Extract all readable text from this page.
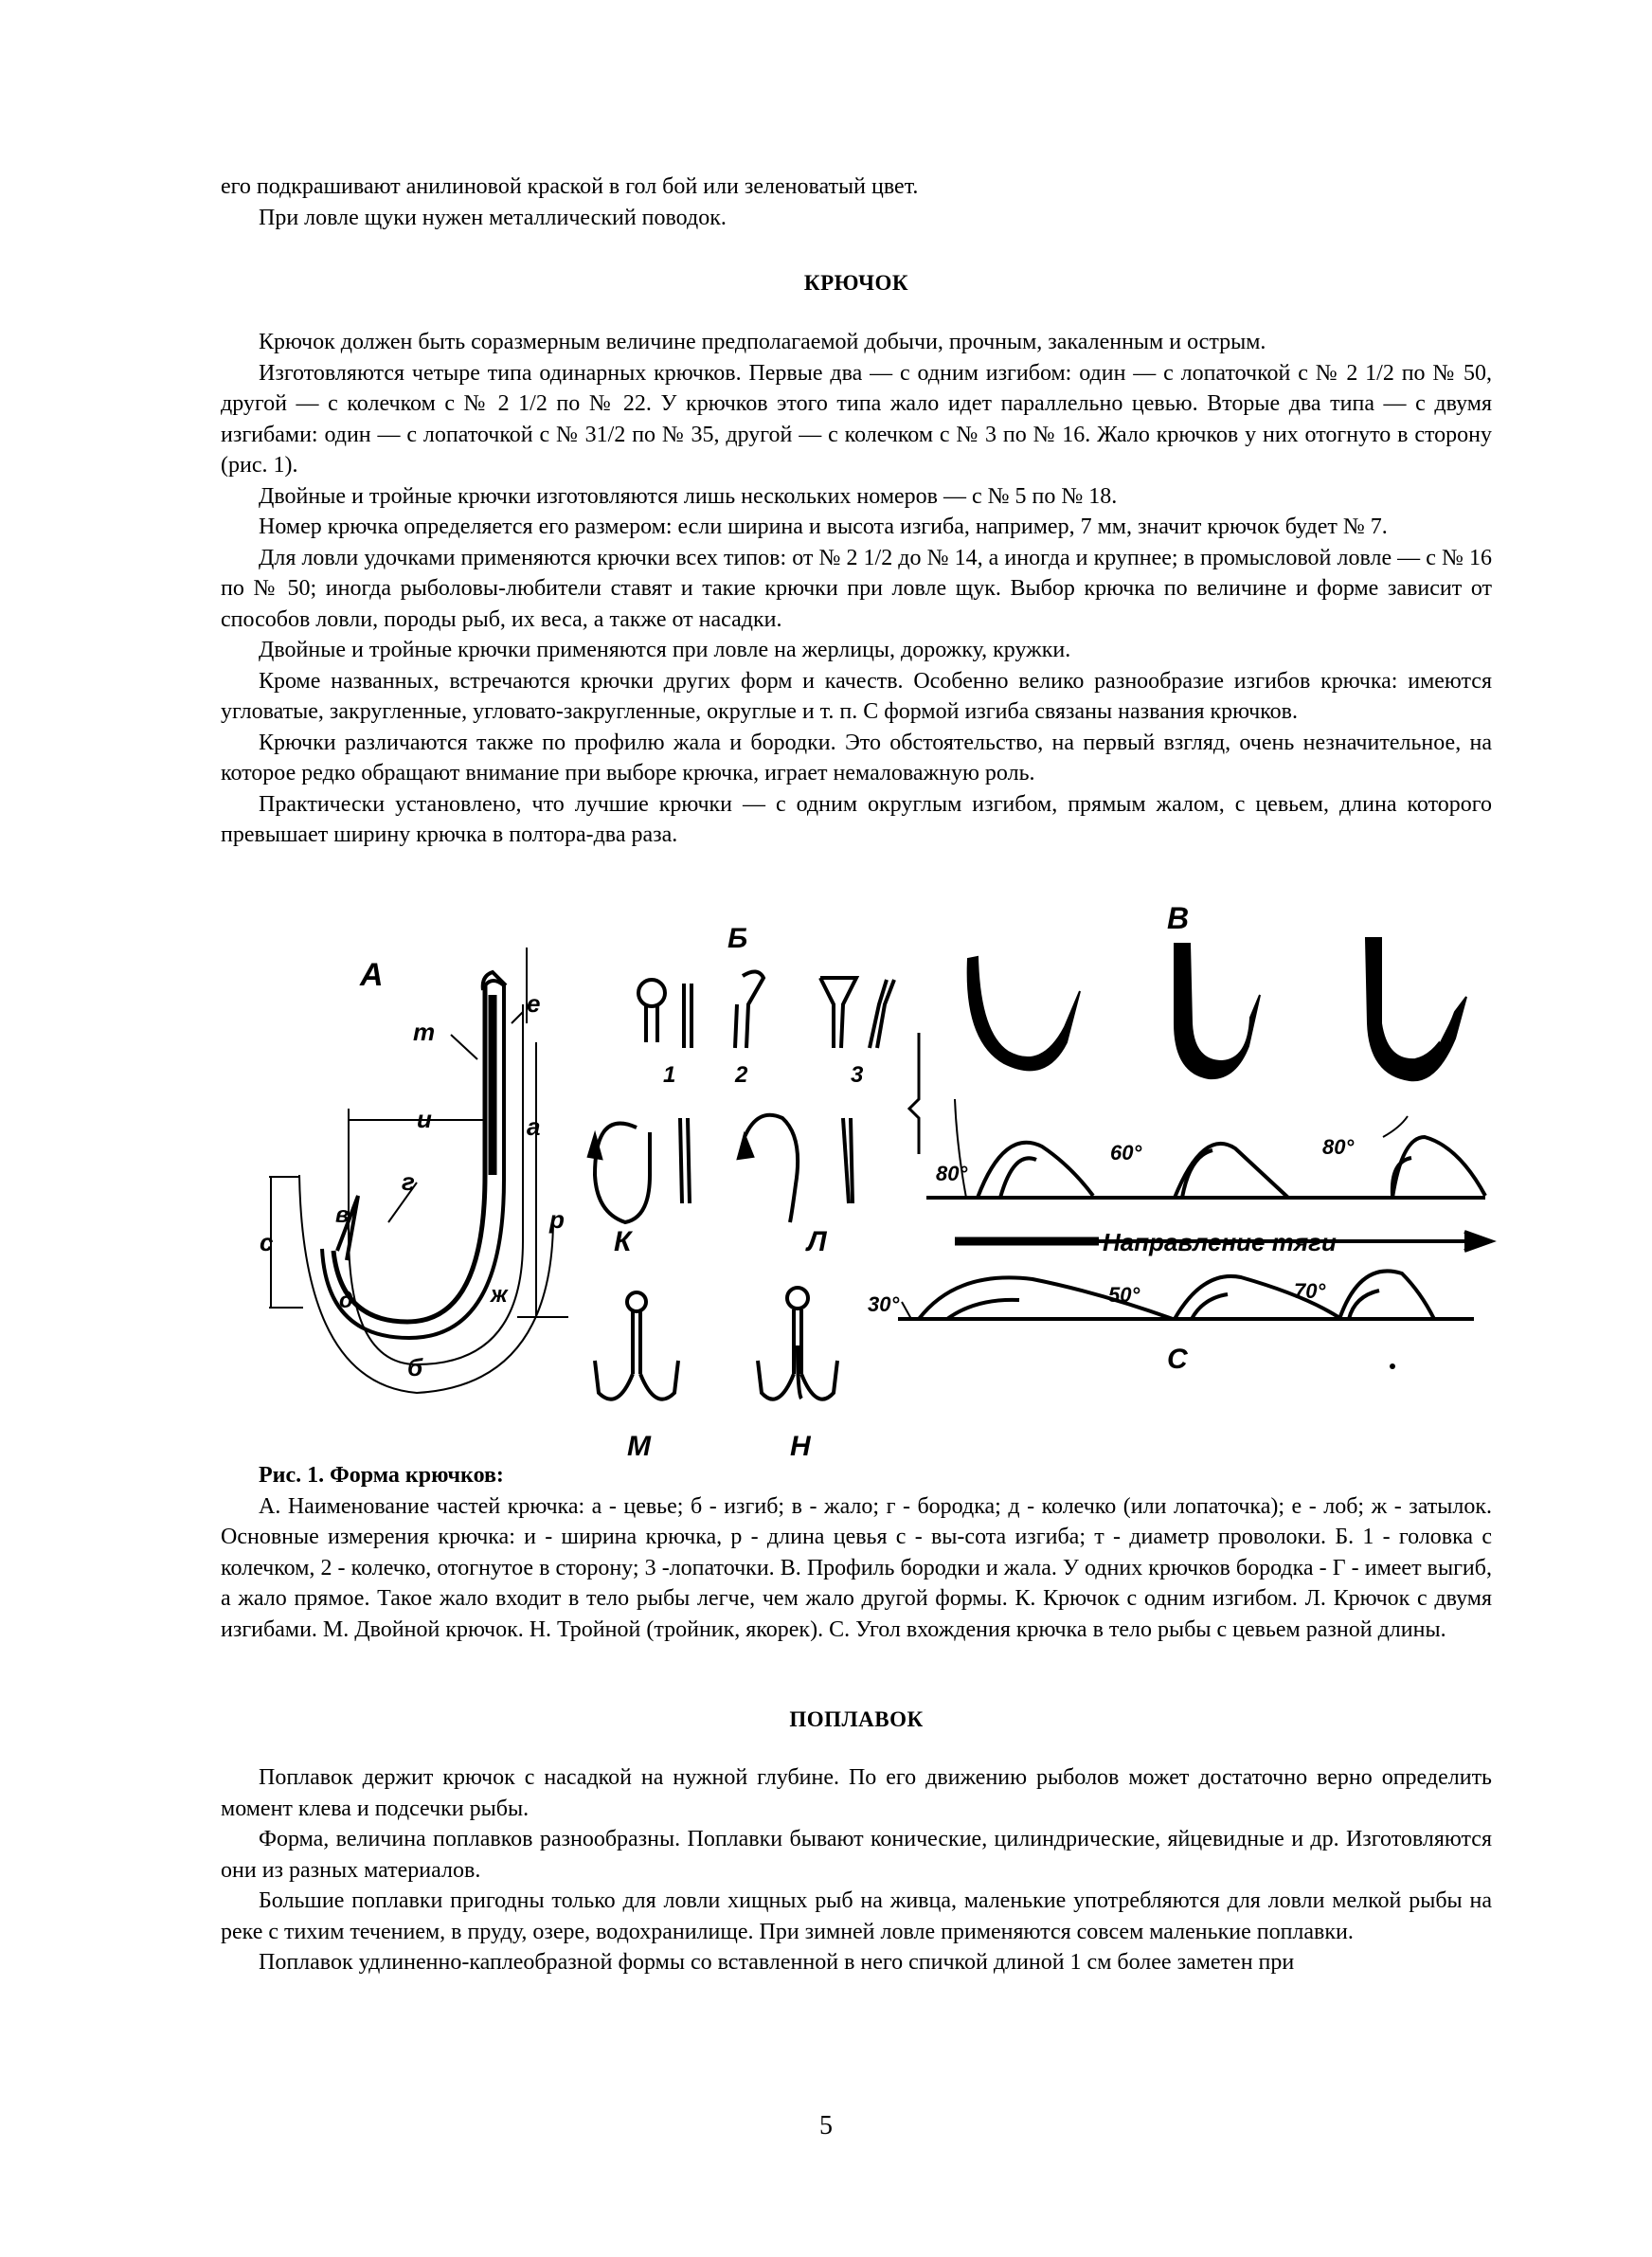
его подкрашивают анилиновой краской в гол бой или зеленоватый цвет.

При ловле щуки нужен металлический поводок.

КРЮЧОК

Крючок должен быть соразмерным величине предполагаемой добычи, прочным, закаленным и острым.

Изготовляются четыре типа одинарных крючков. Первые два — с одним изгибом: один — с лопаточкой с № 2 1/2 по № 50, другой — с колечком с № 2 1/2 по № 22. У крючков этого типа жало идет параллельно цевью. Вторые два типа — с двумя изгибами: один — с лопаточкой с № 31/2 по № 35, другой — с колечком с № 3 по № 16. Жало крючков у них отогнуто в сторону (рис. 1).

Двойные и тройные крючки изготовляются лишь нескольких номеров — с № 5 по № 18.

Номер крючка определяется его размером: если ширина и высота изгиба, например, 7 мм, значит крючок будет № 7.

Для ловли удочками применяются крючки всех типов: от № 2 1/2 до № 14, а иногда и крупнее; в промысловой ловле — с № 16 по № 50; иногда рыболовы-любители ставят и такие крючки при ловле щук. Выбор крючка по величине и форме зависит от способов ловли, породы рыб, их веса, а также от насадки.

Двойные и тройные крючки применяются при ловле на жерлицы, дорожку, кружки.

Кроме названных, встречаются крючки других форм и качеств. Особенно велико разнообразие изгибов крючка: имеются угловатые, закругленные, угловато-закругленные, округлые и т. п. С формой изгиба связаны названия крючков.

Крючки различаются также по профилю жала и бородки. Это обстоятельство, на первый взгляд, очень незначительное, на которое редко обращают внимание при выборе крючка, играет немаловажную роль.

Практически установлено, что лучшие крючки — с одним округлым изгибом, прямым жалом, с цевьем, длина которого превышает ширину крючка в полтора-два раза.

А
т
и
е
а
р
г
в
д	ж
б
с
Б
1	2	3
К	Л
М	Н
В
80°
60°	80°
Направление тяги
30°	50°	70°
С
Рис. 1. Форма крючков:

А. Наименование частей крючка: а - цевье; б - изгиб; в - жало; г - бородка; д - колечко (или лопаточка); е - лоб; ж - затылок. Основные измерения крючка: и - ширина крючка, р - длина цевья с - вы-сота изгиба; т - диаметр проволоки. Б. 1 - головка с колечком, 2 - колечко, отогнутое в сторону; 3 -лопаточки. В. Профиль бородки и жала. У одних крючков бородка - Г - имеет выгиб, а жало прямое. Такое жало входит в тело рыбы легче, чем жало другой формы. К. Крючок с одним изгибом. Л. Крючок с двумя изгибами. М. Двойной крючок. Н. Тройной (тройник, якорек). С. Угол вхождения крючка в тело рыбы с цевьем разной длины.

ПОПЛАВОК

Поплавок держит крючок с насадкой на нужной глубине. По его движению рыболов может достаточно верно определить момент клева и подсечки рыбы.

Форма, величина поплавков разнообразны. Поплавки бывают конические, цилиндрические, яйцевидные и др. Изготовляются они из разных материалов.

Большие поплавки пригодны только для ловли хищных рыб на живца, маленькие употребляются для ловли мелкой рыбы на реке с тихим течением, в пруду, озере, водохранилище. При зимней ловле применяются совсем маленькие поплавки.

Поплавок удлиненно-каплеобразной формы со вставленной в него спичкой длиной 1 см более заметен при

5
